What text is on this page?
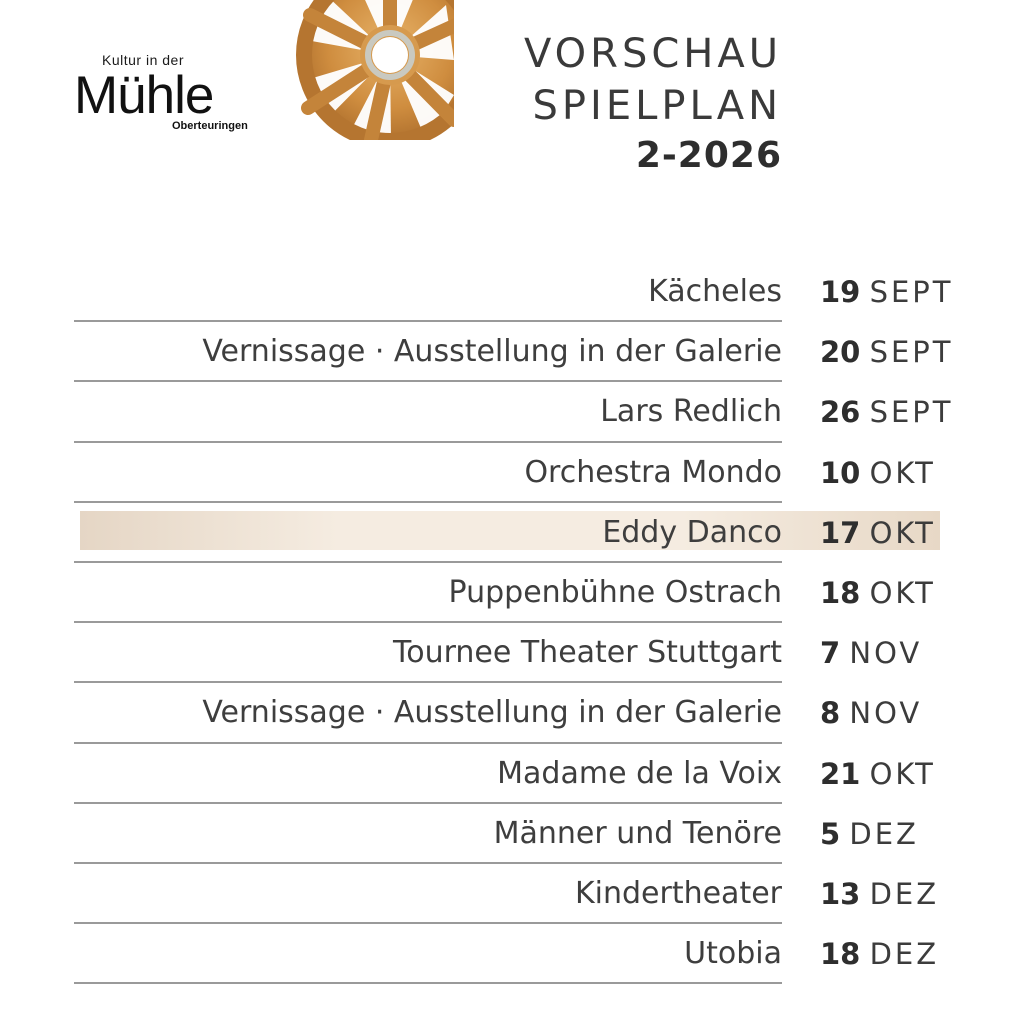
Kultur in der
Mühle
Oberteuringen
VORSCHAU
SPIELPLAN
2-2026
Kächeles 19 SEPT
Vernissage · Ausstellung in der Galerie 20 SEPT
Lars Redlich 26 SEPT
Orchestra Mondo 10 OKT
Eddy Danco 17 OKT
Puppenbühne Ostrach 18 OKT
Tournee Theater Stuttgart 7 NOV
Vernissage · Ausstellung in der Galerie 8 NOV
Madame de la Voix 21 OKT
Männer und Tenöre 5 DEZ
Kindertheater 13 DEZ
Utobia 18 DEZ
